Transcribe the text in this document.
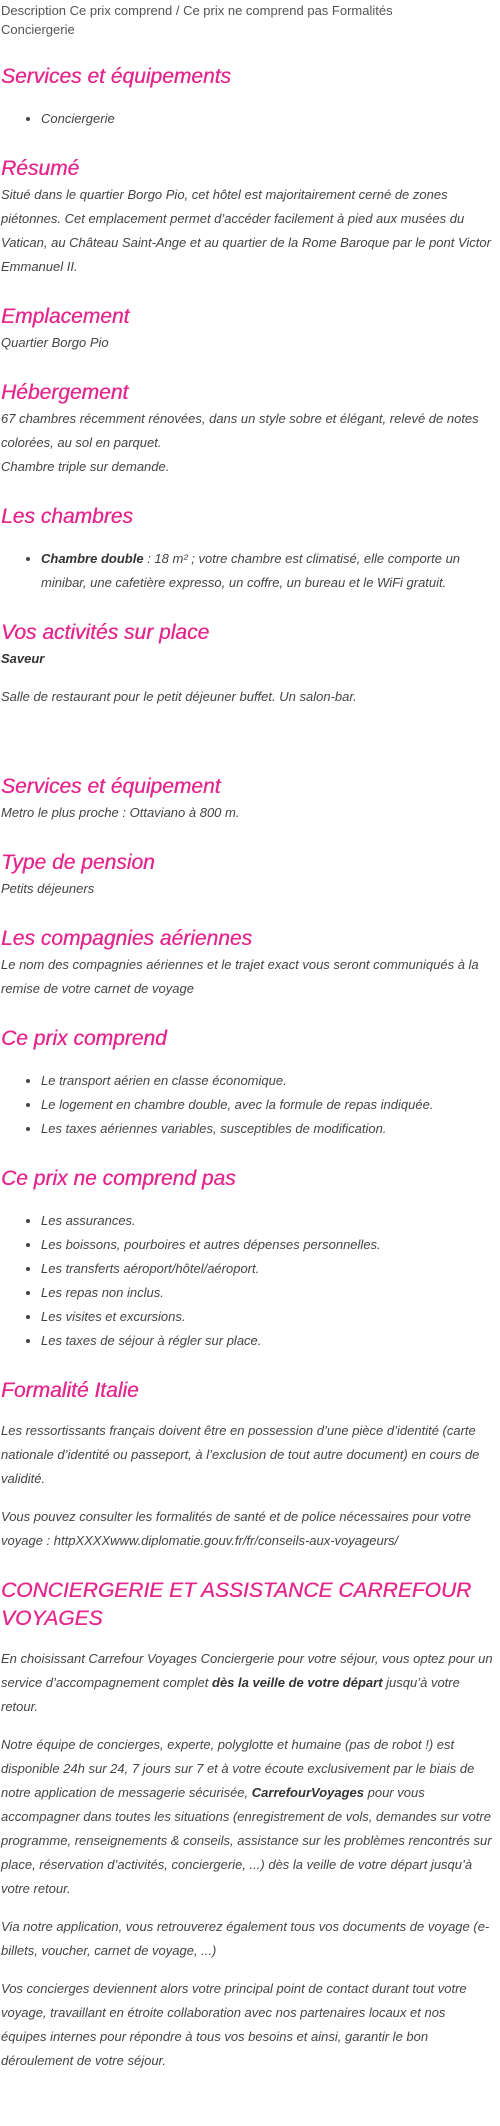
Description Ce prix comprend / Ce prix ne comprend pas Formalités Conciergerie

Services et équipements
• Conciergerie
Résumé

Situé dans le quartier Borgo Pio, cet hôtel est majoritairement cerné de zones piétonnes. Cet emplacement permet d’accéder facilement à pied aux musées du Vatican, au Château Saint-Ange et au quartier de la Rome Baroque par le pont Victor Emmanuel II.

Emplacement

Quartier Borgo Pio

Hébergement

67 chambres récemment rénovées, dans un style sobre et élégant, relevé de notes colorées, au sol en parquet.
Chambre triple sur demande.

Les chambres
• Chambre double : 18 m² ; votre chambre est climatisé, elle comporte un minibar, une cafetière expresso, un coffre, un bureau et le WiFi gratuit.
Vos activités sur place

Saveur

Salle de restaurant pour le petit déjeuner buffet. Un salon-bar.

Services et équipement

Metro le plus proche : Ottaviano à 800 m.

Type de pension

Petits déjeuners

Les compagnies aériennes

Le nom des compagnies aériennes et le trajet exact vous seront communiqués à la remise de votre carnet de voyage

Ce prix comprend
• Le transport aérien en classe économique.
• Le logement en chambre double, avec la formule de repas indiquée.
• Les taxes aériennes variables, susceptibles de modification.
Ce prix ne comprend pas
• Les assurances.
• Les boissons, pourboires et autres dépenses personnelles.
• Les transferts aéroport/hôtel/aéroport.
• Les repas non inclus.
• Les visites et excursions.
• Les taxes de séjour à régler sur place.
Formalité Italie

Les ressortissants français doivent être en possession d’une pièce d’identité (carte nationale d’identité ou passeport, à l’exclusion de tout autre document) en cours de validité.

Vous pouvez consulter les formalités de santé et de police nécessaires pour votre voyage : httpXXXXwww.diplomatie.gouv.fr/fr/conseils-aux-voyageurs/

CONCIERGERIE ET ASSISTANCE CARREFOUR VOYAGES

En choisissant Carrefour Voyages Conciergerie pour votre séjour, vous optez pour un service d’accompagnement complet dès la veille de votre départ jusqu’à votre retour.

Notre équipe de concierges, experte, polyglotte et humaine (pas de robot !) est disponible 24h sur 24, 7 jours sur 7 et à votre écoute exclusivement par le biais de notre application de messagerie sécurisée, CarrefourVoyages pour vous accompagner dans toutes les situations (enregistrement de vols, demandes sur votre programme, renseignements & conseils, assistance sur les problèmes rencontrés sur place, réservation d’activités, conciergerie, ...) dès la veille de votre départ jusqu’à votre retour.

Via notre application, vous retrouverez également tous vos documents de voyage (e-billets, voucher, carnet de voyage, ...)

Vos concierges deviennent alors votre principal point de contact durant tout votre voyage, travaillant en étroite collaboration avec nos partenaires locaux et nos équipes internes pour répondre à tous vos besoins et ainsi, garantir le bon déroulement de votre séjour.
